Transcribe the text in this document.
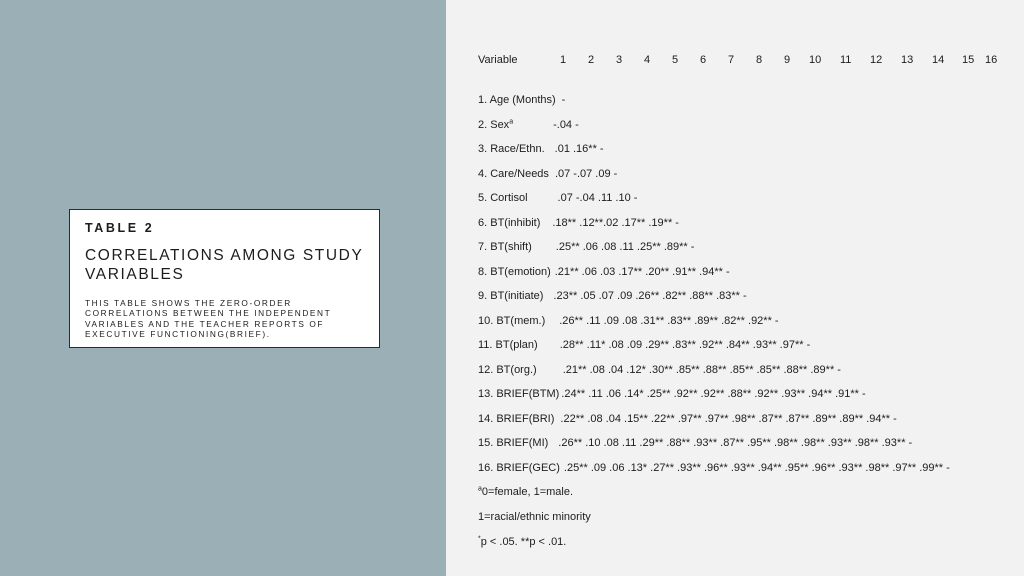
TABLE 2

CORRELATIONS AMONG STUDY VARIABLES

THIS TABLE SHOWS THE ZERO-ORDER CORRELATIONS BETWEEN THE INDEPENDENT VARIABLES AND THE TEACHER REPORTS OF EXECUTIVE FUNCTIONING(BRIEF).

Variable	1 2 3 4 5 6 7 8 9 10 11 12 13 14 15 16
1. Age (Months) -
2. Sex$^a$	-.04 -
3. Race/Ethn. .01 .16** -
4. Care/Needs .07 -.07 .09 -
5. Cortisol	.07 -.04 .11 .10 -
6. BT(inhibit) .18** .12**.02 .17** .19** -
7. BT(shift) .25** .06 .08 .11 .25** .89** -
8. BT(emotion) .21** .06 .03 .17** .20** .91** .94** -
9. BT(initiate) .23** .05 .07 .09 .26** .82** .88** .83** -
10. BT(mem.) .26** .11 .09 .08 .31** .83** .89** .82** .92** -
11. BT(plan) .28** .11* .08 .09 .29** .83** .92** .84** .93** .97** -
12. BT(org.) .21** .08 .04 .12* .30** .85** .88** .85** .85** .88** .89** -
13. BRIEF(BTM) .24** .11 .06 .14* .25** .92** .92** .88** .92** .93** .94** .91** -
14. BRIEF(BRI) .22** .08 .04 .15** .22** .97** .97** .98** .87** .87** .89** .89** .94** -
15. BRIEF(MI) .26** .10 .08 .11 .29** .88** .93** .87** .95** .98** .98** .93** .98** .93** -
16. BRIEF(GEC) .25** .09 .06 .13* .27** .93** .96** .93** .94** .95** .96** .93** .98** .97** .99** -
$^a$0=female, 1=male.
1=racial/ethnic minority
*p < .05. **p < .01.
